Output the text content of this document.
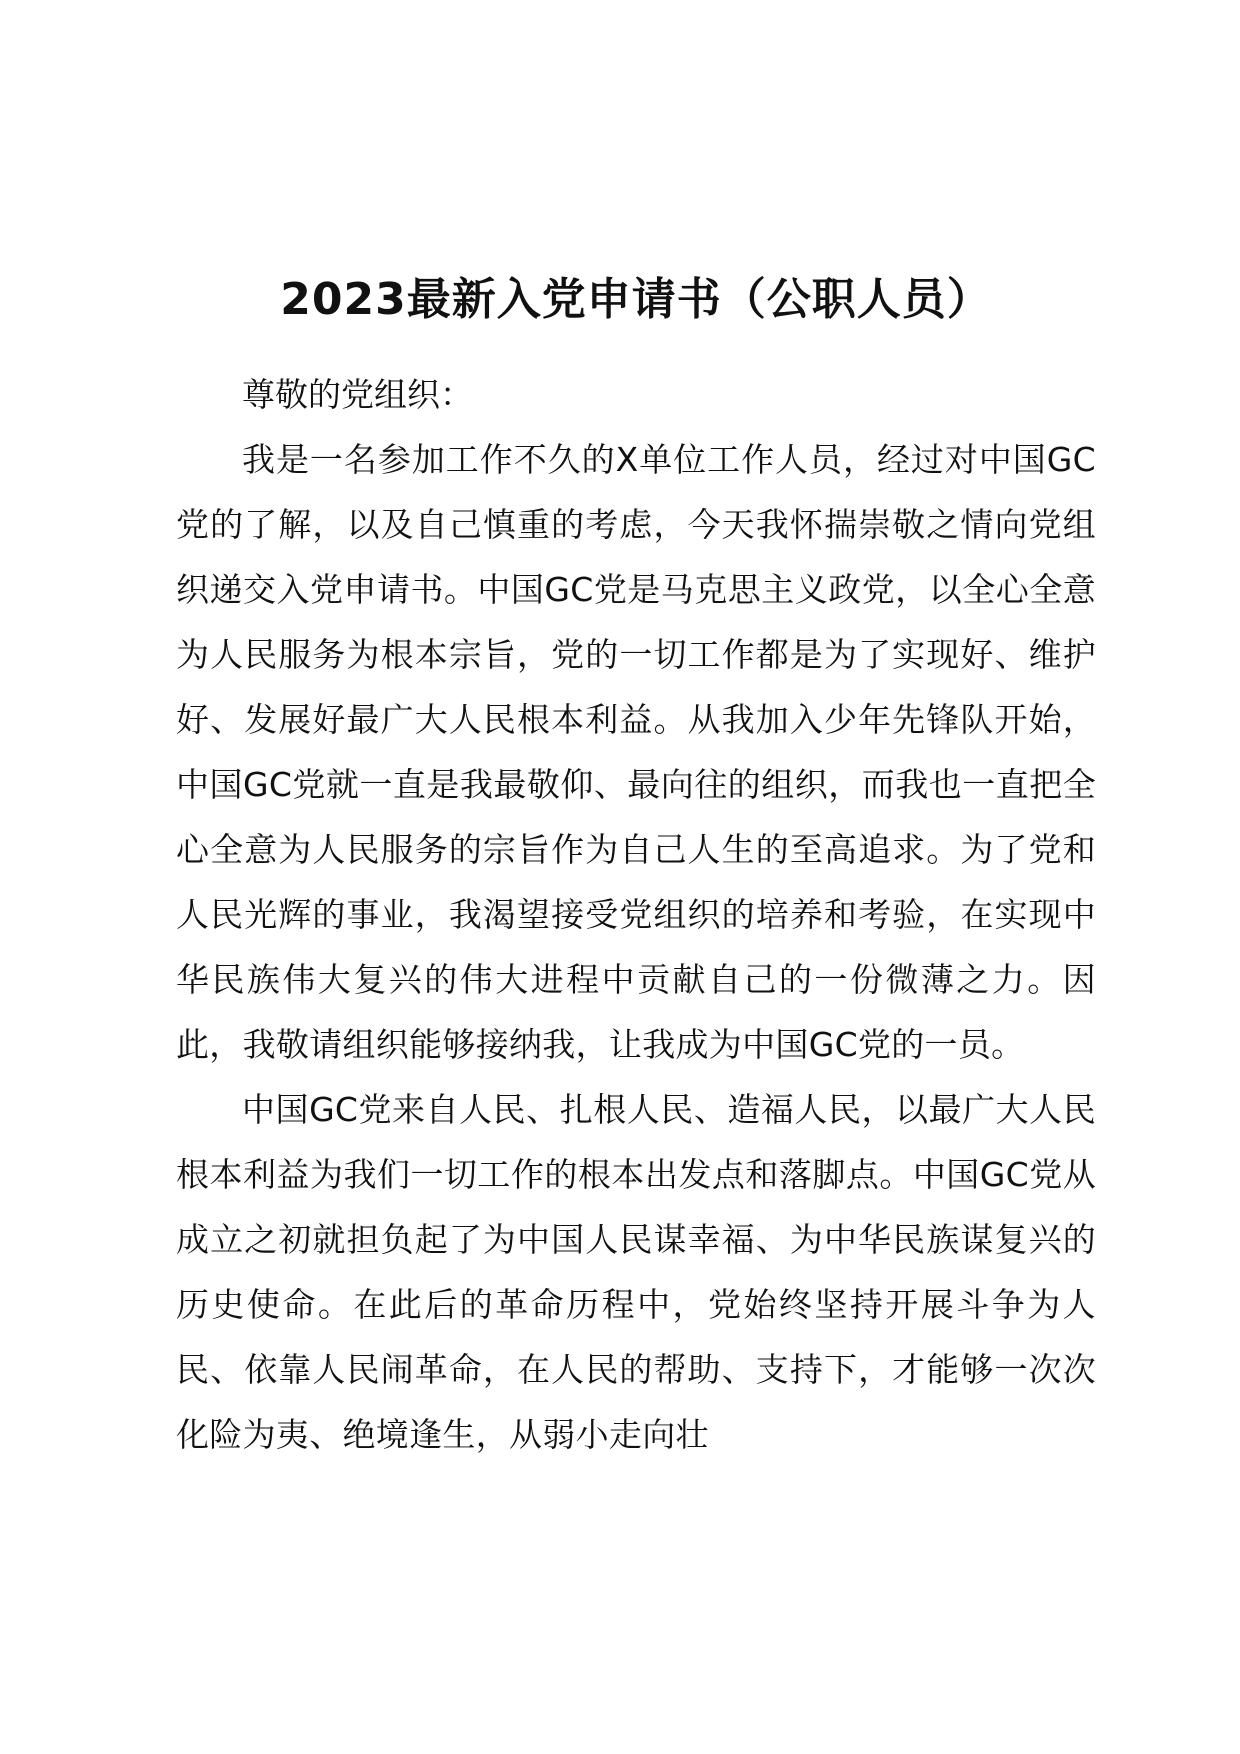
2023最新入党申请书（公职人员）

尊敬的党组织：

我是一名参加工作不久的X单位工作人员，经过对中国GC党的了解，以及自己慎重的考虑，今天我怀揣崇敬之情向党组织递交入党申请书。中国GC党是马克思主义政党，以全心全意为人民服务为根本宗旨，党的一切工作都是为了实现好、维护好、发展好最广大人民根本利益。从我加入少年先锋队开始，中国GC党就一直是我最敬仰、最向往的组织，而我也一直把全心全意为人民服务的宗旨作为自己人生的至高追求。为了党和人民光辉的事业，我渴望接受党组织的培养和考验，在实现中华民族伟大复兴的伟大进程中贡献自己的一份微薄之力。因此，我敬请组织能够接纳我，让我成为中国GC党的一员。

中国GC党来自人民、扎根人民、造福人民，以最广大人民根本利益为我们一切工作的根本出发点和落脚点。中国GC党从成立之初就担负起了为中国人民谋幸福、为中华民族谋复兴的历史使命。在此后的革命历程中，党始终坚持开展斗争为人民、依靠人民闹革命，在人民的帮助、支持下，才能够一次次化险为夷、绝境逢生，从弱小走向壮
